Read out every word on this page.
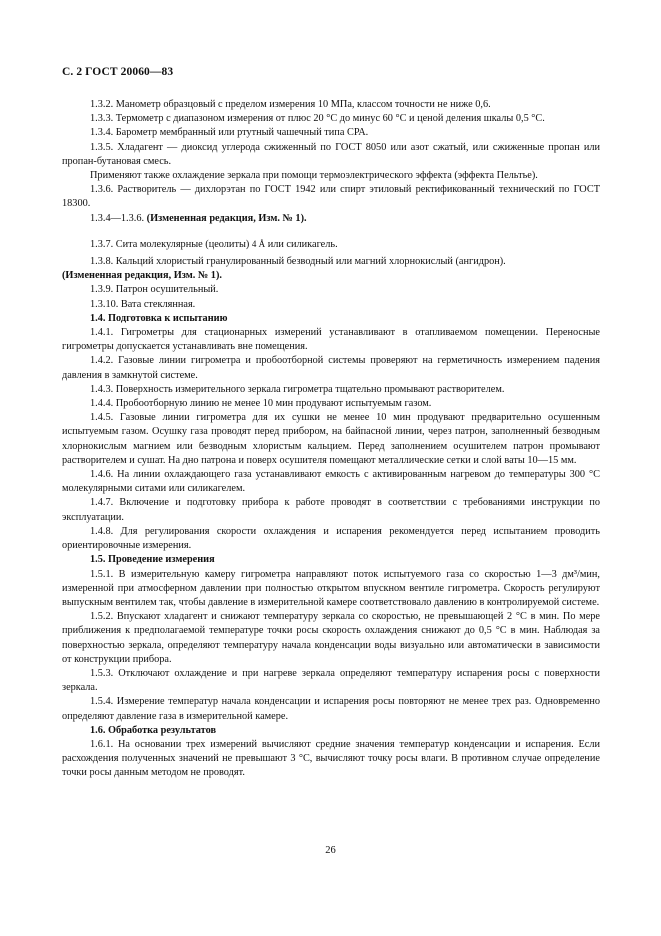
С. 2 ГОСТ 20060—83

1.3.2. Манометр образцовый с пределом измерения 10 МПа, классом точности не ниже 0,6.

1.3.3. Термометр с диапазоном измерения от плюс 20 °С до минус 60 °С и ценой деления шкалы 0,5 °С.

1.3.4. Барометр мембранный или ртутный чашечный типа СРА.

1.3.5. Хладагент — диоксид углерода сжиженный по ГОСТ 8050 или азот сжатый, или сжиженные пропан или пропан-бутановая смесь.

Применяют также охлаждение зеркала при помощи термоэлектрического эффекта (эффекта Пельтье).

1.3.6. Растворитель — дихлорэтан по ГОСТ 1942 или спирт этиловый ректификованный технический по ГОСТ 18300.

1.3.4—1.3.6. (Измененная редакция, Изм. № 1).

1.3.7. Сита молекулярные (цеолиты) 4 Å или силикагель.

1.3.8. Кальций хлористый гранулированный безводный или магний хлорнокислый (ангидрон).

(Измененная редакция, Изм. № 1).

1.3.9. Патрон осушительный.

1.3.10. Вата стеклянная.

1.4. Подготовка к испытанию

1.4.1. Гигрометры для стационарных измерений устанавливают в отапливаемом помещении. Переносные гигрометры допускается устанавливать вне помещения.

1.4.2. Газовые линии гигрометра и пробоотборной системы проверяют на герметичность измерением падения давления в замкнутой системе.

1.4.3. Поверхность измерительного зеркала гигрометра тщательно промывают растворителем.

1.4.4. Пробоотборную линию не менее 10 мин продувают испытуемым газом.

1.4.5. Газовые линии гигрометра для их сушки не менее 10 мин продувают предварительно осушенным испытуемым газом. Осушку газа проводят перед прибором, на байпасной линии, через патрон, заполненный безводным хлорнокислым магнием или безводным хлористым кальцием. Перед заполнением осушителем патрон промывают растворителем и сушат. На дно патрона и поверх осушителя помещают металлические сетки и слой ваты 10—15 мм.

1.4.6. На линии охлаждающего газа устанавливают емкость с активированным нагревом до температуры 300 °С молекулярными ситами или силикагелем.

1.4.7. Включение и подготовку прибора к работе проводят в соответствии с требованиями инструкции по эксплуатации.

1.4.8. Для регулирования скорости охлаждения и испарения рекомендуется перед испытанием проводить ориентировочные измерения.

1.5. Проведение измерения

1.5.1. В измерительную камеру гигрометра направляют поток испытуемого газа со скоростью 1—3 дм³/мин, измеренной при атмосферном давлении при полностью открытом впускном вентиле гигрометра. Скорость регулируют выпускным вентилем так, чтобы давление в измерительной камере соответствовало давлению в контролируемой системе.

1.5.2. Впускают хладагент и снижают температуру зеркала со скоростью, не превышающей 2 °С в мин. По мере приближения к предполагаемой температуре точки росы скорость охлаждения снижают до 0,5 °С в мин. Наблюдая за поверхностью зеркала, определяют температуру начала конденсации воды визуально или автоматически в зависимости от конструкции прибора.

1.5.3. Отключают охлаждение и при нагреве зеркала определяют температуру испарения росы с поверхности зеркала.

1.5.4. Измерение температур начала конденсации и испарения росы повторяют не менее трех раз. Одновременно определяют давление газа в измерительной камере.

1.6. Обработка результатов

1.6.1. На основании трех измерений вычисляют средние значения температур конденсации и испарения. Если расхождения полученных значений не превышают 3 °С, вычисляют точку росы влаги. В противном случае определение точки росы данным методом не проводят.

26
